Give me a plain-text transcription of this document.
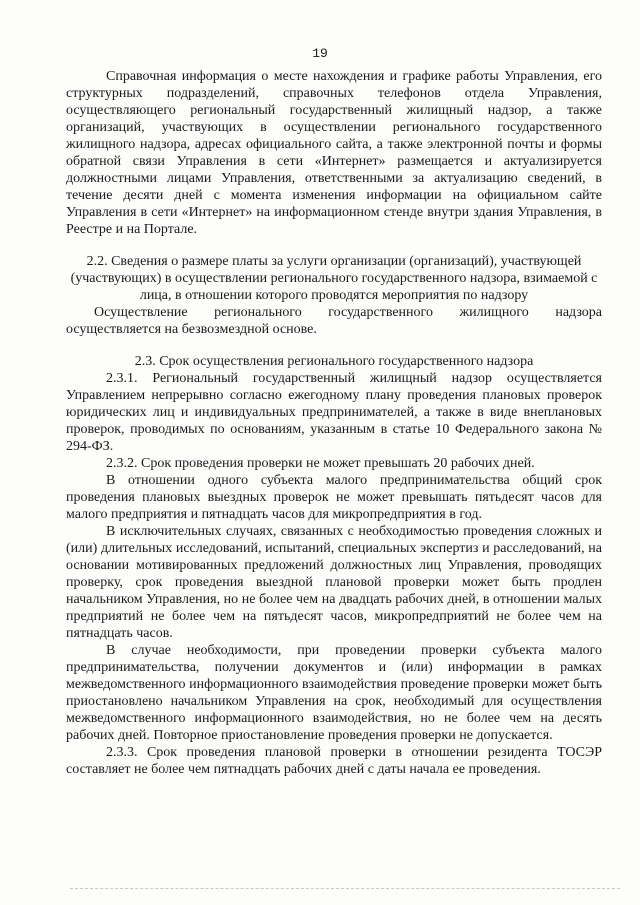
19

Справочная информация о месте нахождения и графике работы Управления, его структурных подразделений, справочных телефонов отдела Управления, осуществляющего региональный государственный жилищный надзор, а также организаций, участвующих в осуществлении регионального государственного жилищного надзора, адресах официального сайта, а также электронной почты и формы обратной связи Управления в сети «Интернет» размещается и актуализируется должностными лицами Управления, ответственными за актуализацию сведений, в течение десяти дней с момента изменения информации на официальном сайте Управления в сети «Интернет» на информационном стенде внутри здания Управления, в Реестре и на Портале.

2.2. Сведения о размере платы за услуги организации (организаций), участвующей (участвующих) в осуществлении регионального государственного надзора, взимаемой с лица, в отношении которого проводятся мероприятия по надзору

Осуществление регионального государственного жилищного надзора осуществляется на безвозмездной основе.

2.3. Срок осуществления регионального государственного надзора

2.3.1. Региональный государственный жилищный надзор осуществляется Управлением непрерывно согласно ежегодному плану проведения плановых проверок юридических лиц и индивидуальных предпринимателей, а также в виде внеплановых проверок, проводимых по основаниям, указанным в статье 10 Федерального закона № 294-ФЗ.

2.3.2. Срок проведения проверки не может превышать 20 рабочих дней.

В отношении одного субъекта малого предпринимательства общий срок проведения плановых выездных проверок не может превышать пятьдесят часов для малого предприятия и пятнадцать часов для микропредприятия в год.

В исключительных случаях, связанных с необходимостью проведения сложных и (или) длительных исследований, испытаний, специальных экспертиз и расследований, на основании мотивированных предложений должностных лиц Управления, проводящих проверку, срок проведения выездной плановой проверки может быть продлен начальником Управления, но не более чем на двадцать рабочих дней, в отношении малых предприятий не более чем на пятьдесят часов, микропредприятий не более чем на пятнадцать часов.

В случае необходимости, при проведении проверки субъекта малого предпринимательства, получении документов и (или) информации в рамках межведомственного информационного взаимодействия проведение проверки может быть приостановлено начальником Управления на срок, необходимый для осуществления межведомственного информационного взаимодействия, но не более чем на десять рабочих дней. Повторное приостановление проведения проверки не допускается.

2.3.3. Срок проведения плановой проверки в отношении резидента ТОСЭР составляет не более чем пятнадцать рабочих дней с даты начала ее проведения.
